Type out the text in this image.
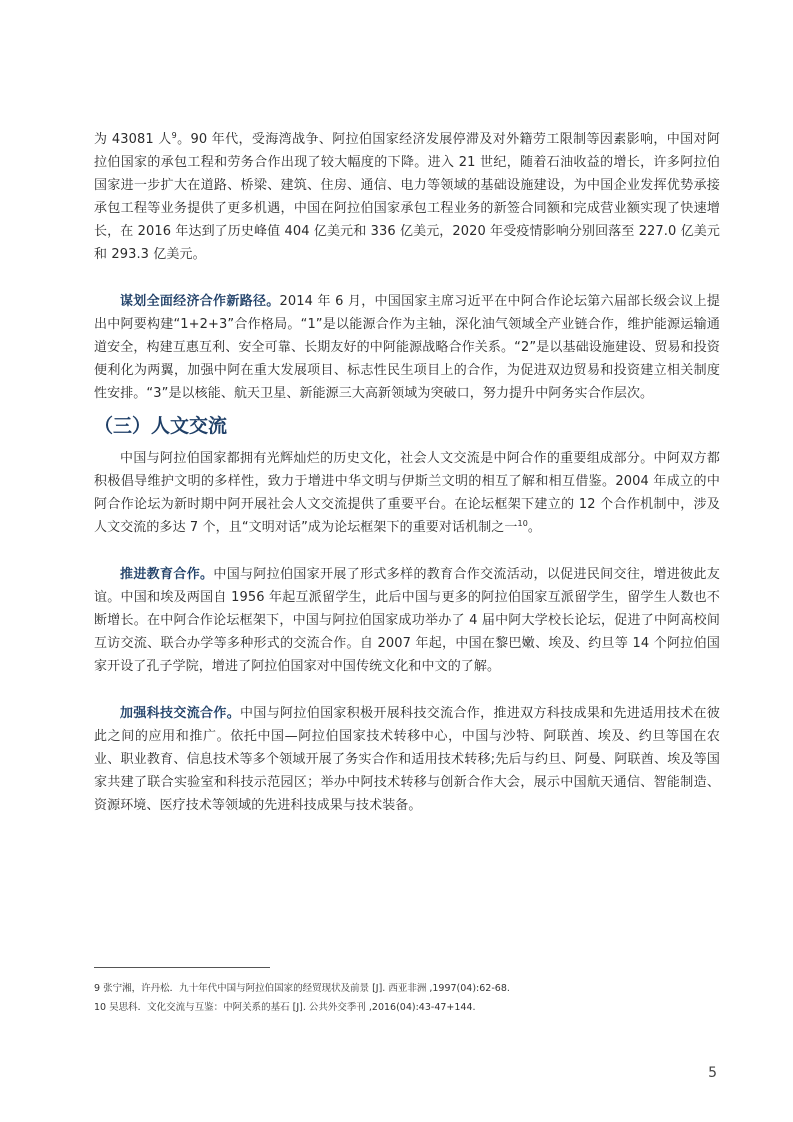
为 43081 人$^9$。90 年代，受海湾战争、阿拉伯国家经济发展停滞及对外籍劳工限制等因素影响，中国对阿拉伯国家的承包工程和劳务合作出现了较大幅度的下降。进入 21 世纪，随着石油收益的增长，许多阿拉伯国家进一步扩大在道路、桥梁、建筑、住房、通信、电力等领域的基础设施建设，为中国企业发挥优势承接承包工程等业务提供了更多机遇，中国在阿拉伯国家承包工程业务的新签合同额和完成营业额实现了快速增长，在 2016 年达到了历史峰值 404 亿美元和 336 亿美元，2020 年受疫情影响分别回落至 227.0 亿美元和 293.3 亿美元。

谋划全面经济合作新路径。2014 年 6 月，中国国家主席习近平在中阿合作论坛第六届部长级会议上提出中阿要构建“1+2+3”合作格局。“1”是以能源合作为主轴，深化油气领域全产业链合作，维护能源运输通道安全，构建互惠互利、安全可靠、长期友好的中阿能源战略合作关系。“2”是以基础设施建设、贸易和投资便利化为两翼，加强中阿在重大发展项目、标志性民生项目上的合作，为促进双边贸易和投资建立相关制度性安排。“3”是以核能、航天卫星、新能源三大高新领域为突破口，努力提升中阿务实合作层次。

（三）人文交流

中国与阿拉伯国家都拥有光辉灿烂的历史文化，社会人文交流是中阿合作的重要组成部分。中阿双方都积极倡导维护文明的多样性，致力于增进中华文明与伊斯兰文明的相互了解和相互借鉴。2004 年成立的中阿合作论坛为新时期中阿开展社会人文交流提供了重要平台。在论坛框架下建立的 12 个合作机制中，涉及人文交流的多达 7 个，且“文明对话”成为论坛框架下的重要对话机制之一$^{10}$。

推进教育合作。中国与阿拉伯国家开展了形式多样的教育合作交流活动，以促进民间交往，增进彼此友谊。中国和埃及两国自 1956 年起互派留学生，此后中国与更多的阿拉伯国家互派留学生，留学生人数也不断增长。在中阿合作论坛框架下，中国与阿拉伯国家成功举办了 4 届中阿大学校长论坛，促进了中阿高校间互访交流、联合办学等多种形式的交流合作。自 2007 年起，中国在黎巴嫩、埃及、约旦等 14 个阿拉伯国家开设了孔子学院，增进了阿拉伯国家对中国传统文化和中文的了解。

加强科技交流合作。中国与阿拉伯国家积极开展科技交流合作，推进双方科技成果和先进适用技术在彼此之间的应用和推广。依托中国—阿拉伯国家技术转移中心，中国与沙特、阿联酋、埃及、约旦等国在农业、职业教育、信息技术等多个领域开展了务实合作和适用技术转移;先后与约旦、阿曼、阿联酋、埃及等国家共建了联合实验室和科技示范园区；举办中阿技术转移与创新合作大会，展示中国航天通信、智能制造、资源环境、医疗技术等领域的先进科技成果与技术装备。

9 张宁湘，许丹松．九十年代中国与阿拉伯国家的经贸现状及前景 [J]. 西亚非洲 ,1997(04):62-68.
10 吴思科．文化交流与互鉴：中阿关系的基石 [J]. 公共外交季刊 ,2016(04):43-47+144.
5
